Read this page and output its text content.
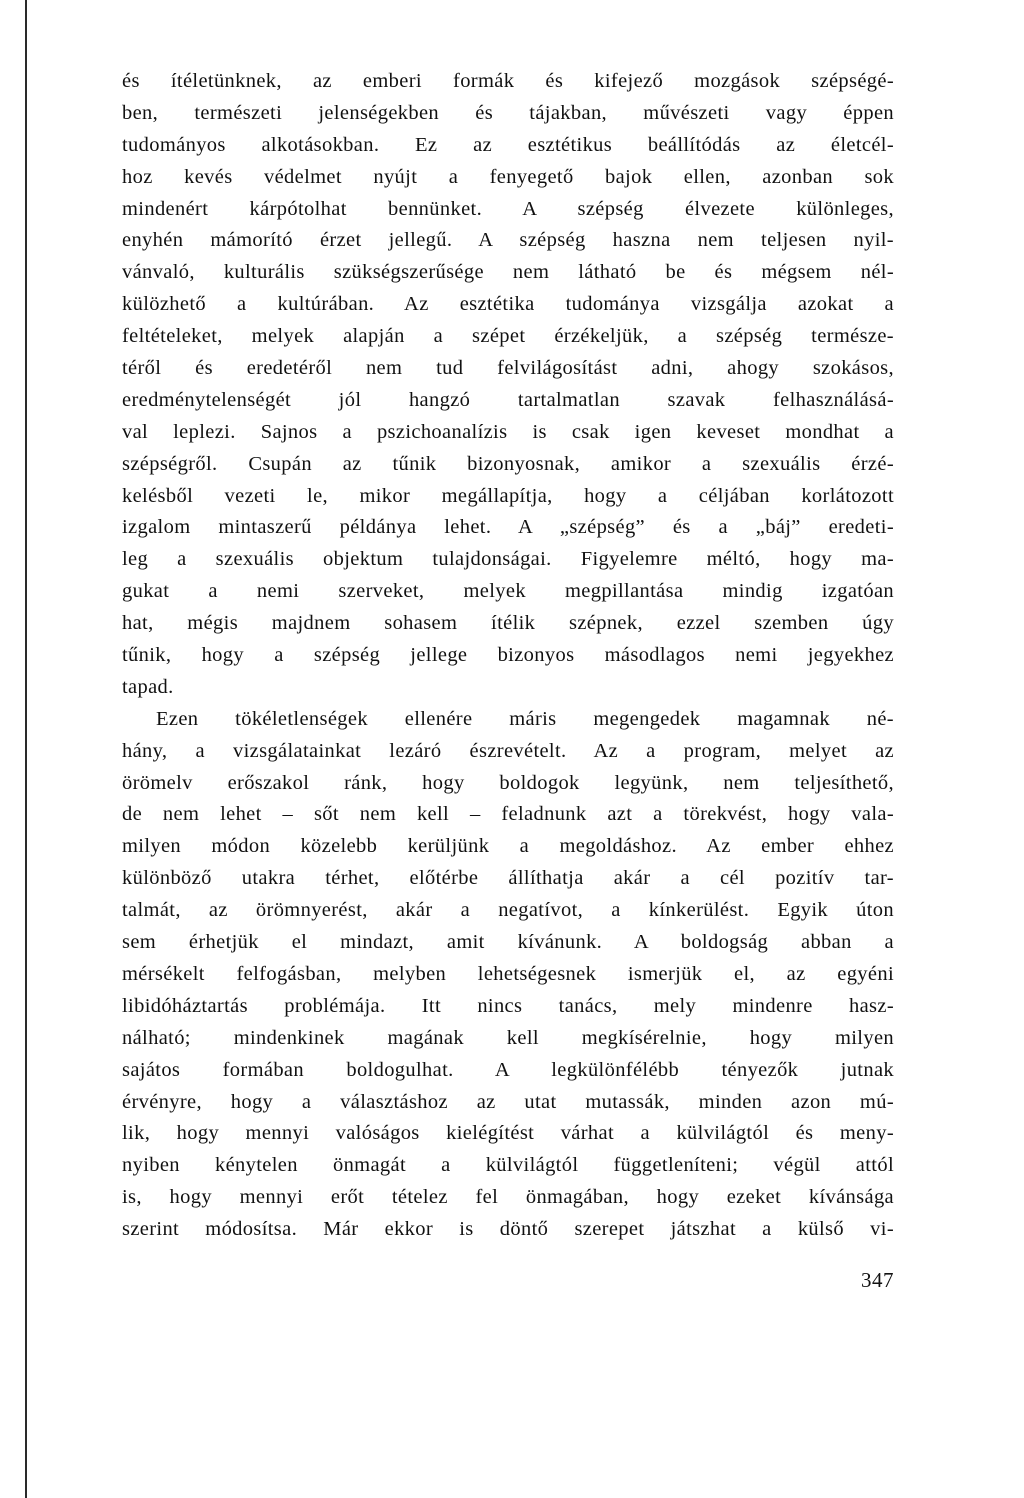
és ítéletünknek, az emberi formák és kifejező mozgások szépségé-
ben, természeti jelenségekben és tájakban, művészeti vagy éppen
tudományos alkotásokban. Ez az esztétikus beállítódás az életcél-
hoz kevés védelmet nyújt a fenyegető bajok ellen, azonban sok
mindenért kárpótolhat bennünket. A szépség élvezete különleges,
enyhén mámorító érzet jellegű. A szépség haszna nem teljesen nyil-
vánvaló, kulturális szükségszerűsége nem látható be és mégsem nél-
külözhető a kultúrában. Az esztétika tudománya vizsgálja azokat a
feltételeket, melyek alapján a szépet érzékeljük, a szépség természe-
téről és eredetéről nem tud felvilágosítást adni, ahogy szokásos,
eredménytelenségét jól hangzó tartalmatlan szavak felhasználásá-
val leplezi. Sajnos a pszichoanalízis is csak igen keveset mondhat a
szépségről. Csupán az tűnik bizonyosnak, amikor a szexuális érzé-
kelésből vezeti le, mikor megállapítja, hogy a céljában korlátozott
izgalom mintaszerű példánya lehet. A „szépség” és a „báj” eredeti-
leg a szexuális objektum tulajdonságai. Figyelemre méltó, hogy ma-
gukat a nemi szerveket, melyek megpillantása mindig izgatóan
hat, mégis majdnem sohasem ítélik szépnek, ezzel szemben úgy
tűnik, hogy a szépség jellege bizonyos másodlagos nemi jegyekhez
tapad.
Ezen tökéletlenségek ellenére máris megengedek magamnak né-
hány, a vizsgálatainkat lezáró észrevételt. Az a program, melyet az
örömelv erőszakol ránk, hogy boldogok legyünk, nem teljesíthető,
de nem lehet – sőt nem kell – feladnunk azt a törekvést, hogy vala-
milyen módon közelebb kerüljünk a megoldáshoz. Az ember ehhez
különböző utakra térhet, előtérbe állíthatja akár a cél pozitív tar-
talmát, az örömnyerést, akár a negatívot, a kínkerülést. Egyik úton
sem érhetjük el mindazt, amit kívánunk. A boldogság abban a
mérsékelt felfogásban, melyben lehetségesnek ismerjük el, az egyéni
libidóháztartás problémája. Itt nincs tanács, mely mindenre hasz-
nálható; mindenkinek magának kell megkísérelnie, hogy milyen
sajátos formában boldogulhat. A legkülönfélébb tényezők jutnak
érvényre, hogy a választáshoz az utat mutassák, minden azon mú-
lik, hogy mennyi valóságos kielégítést várhat a külvilágtól és meny-
nyiben kénytelen önmagát a külvilágtól függetleníteni; végül attól
is, hogy mennyi erőt tételez fel önmagában, hogy ezeket kívánsága
szerint módosítsa. Már ekkor is döntő szerepet játszhat a külső vi-
347
